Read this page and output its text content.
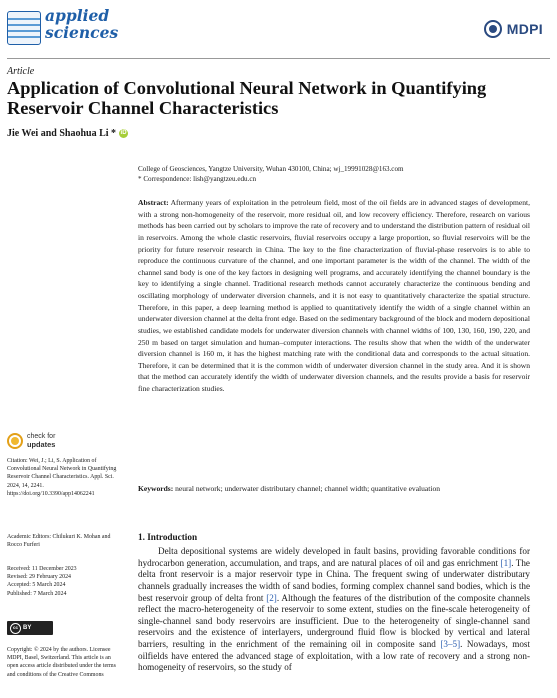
applied
sciences	MDPI
Article
Application of Convolutional Neural Network in Quantifying Reservoir Channel Characteristics
Jie Wei and Shaohua Li * iD
College of Geosciences, Yangtze University, Wuhan 430100, China; wj_19991028@163.com
* Correspondence: lish@yangtzeu.edu.cn

Abstract: Aftermany years of exploitation in the petroleum field, most of the oil fields are in advanced stages of development, with a strong non-homogeneity of the reservoir, more residual oil, and low recovery efficiency. Therefore, research on various methods has been carried out by scholars to improve the rate of recovery and to understand the distribution pattern of residual oil in reservoirs. Among the whole clastic reservoirs, fluvial reservoirs occupy a large proportion, so fluvial reservoirs will be the priority for future reservoir research in China. The key to the fine characterization of fluvial-phase reservoirs is to able to reproduce the continuous curvature of the channel, and one important parameter is the width of the channel. The width of the channel sand body is one of the key factors in designing well programs, and accurately identifying the channel boundary is the key to identifying a single channel. Traditional research methods cannot accurately characterize the continuous bending and oscillating morphology of underwater diversion channels, and it is not easy to quantitatively characterize the spatial structure. Therefore, in this paper, a deep learning method is applied to quantitatively identify the width of a single channel within an underwater diversion channel at the delta front edge. Based on the sedimentary background of the block and modern depositional studies, we established candidate models for underwater diversion channels with channel widths of 100, 130, 160, 190, 220, and 250 m based on target simulation and human–computer interactions. The results show that when the width of the underwater diversion channel is 160 m, it has the highest matching rate with the conditional data and corresponds to the actual situation. Therefore, it can be determined that it is the common width of underwater diversion channel in the study area. And it is shown that the method can accurately identify the width of underwater diversion channels, and the results provide a basis for reservoir fine characterization studies.

Keywords: neural network; underwater distributary channel; channel width; quantitative evaluation

check for
updates
Citation: Wei, J.; Li, S. Application of Convolutional Neural Network in Quantifying Reservoir Channel Characteristics. Appl. Sci. 2024, 14, 2241. https://doi.org/10.3390/app14062241
Academic Editors: Chilukuri K. Mohan and Rocco Furferi
Received: 11 December 2023
Revised: 29 February 2024
Accepted: 5 March 2024
Published: 7 March 2024
cc BY
Copyright: © 2024 by the authors. Licensee MDPI, Basel, Switzerland. This article is an open access article distributed under the terms and conditions of the Creative Commons
1. Introduction

Delta depositional systems are widely developed in fault basins, providing favorable conditions for hydrocarbon generation, accumulation, and traps, and are natural places of oil and gas enrichment [1]. The delta front reservoir is a major reservoir type in China. The frequent swing of underwater distributary channels gradually increases the width of sand bodies, forming complex channel sand bodies, which is the best reservoir group of delta front [2]. Although the features of the distribution of the composite channels reflect the macro-heterogeneity of the reservoir to some extent, studies on the fine-scale heterogeneity of single-channel sand body reservoirs are insufficient. Due to the heterogeneity of single-channel sand reservoirs and the existence of interlayers, underground fluid flow is blocked by vertical and lateral barriers, resulting in the enrichment of the remaining oil in composite sand [3–5]. Nowadays, most oilfields have entered the advanced stage of exploitation, with a low rate of recovery and a strong non-homogeneity of reservoirs, so the study of
